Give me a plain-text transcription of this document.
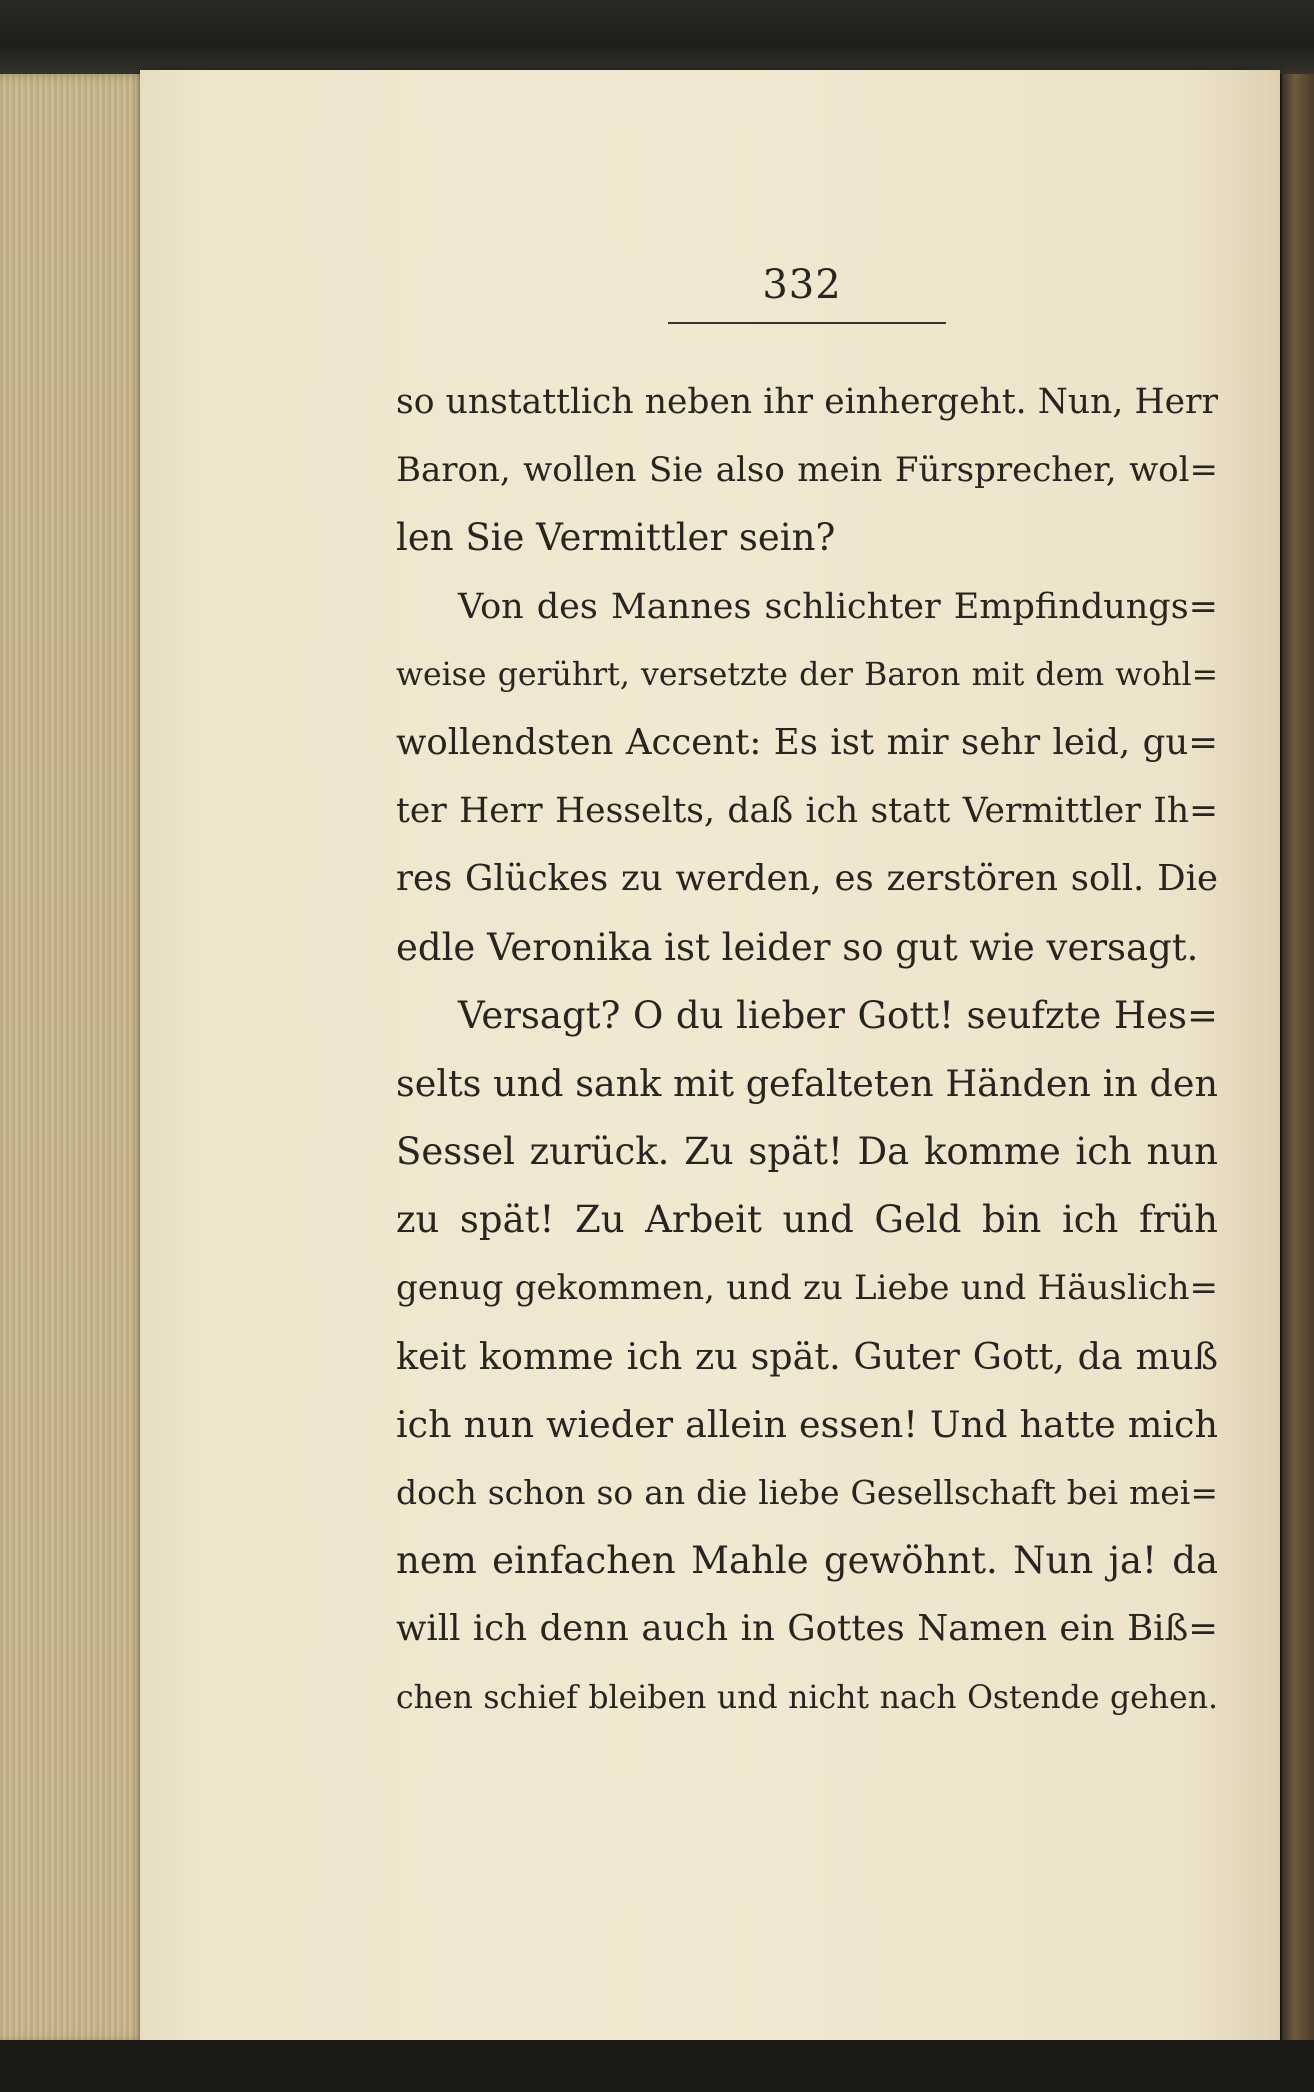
332
so unstattlich neben ihr einhergeht. Nun, Herr
Baron, wollen Sie also mein Fürsprecher, wol=
len Sie Vermittler sein?
Von des Mannes schlichter Empfindungs=
weise gerührt, versetzte der Baron mit dem wohl=
wollendsten Accent: Es ist mir sehr leid, gu=
ter Herr Hesselts, daß ich statt Vermittler Ih=
res Glückes zu werden, es zerstören soll. Die
edle Veronika ist leider so gut wie versagt.
Versagt? O du lieber Gott! seufzte Hes=
selts und sank mit gefalteten Händen in den
Sessel zurück. Zu spät! Da komme ich nun
zu spät! Zu Arbeit und Geld bin ich früh
genug gekommen, und zu Liebe und Häuslich=
keit komme ich zu spät. Guter Gott, da muß
ich nun wieder allein essen! Und hatte mich
doch schon so an die liebe Gesellschaft bei mei=
nem einfachen Mahle gewöhnt. Nun ja! da
will ich denn auch in Gottes Namen ein Biß=
chen schief bleiben und nicht nach Ostende gehen.
